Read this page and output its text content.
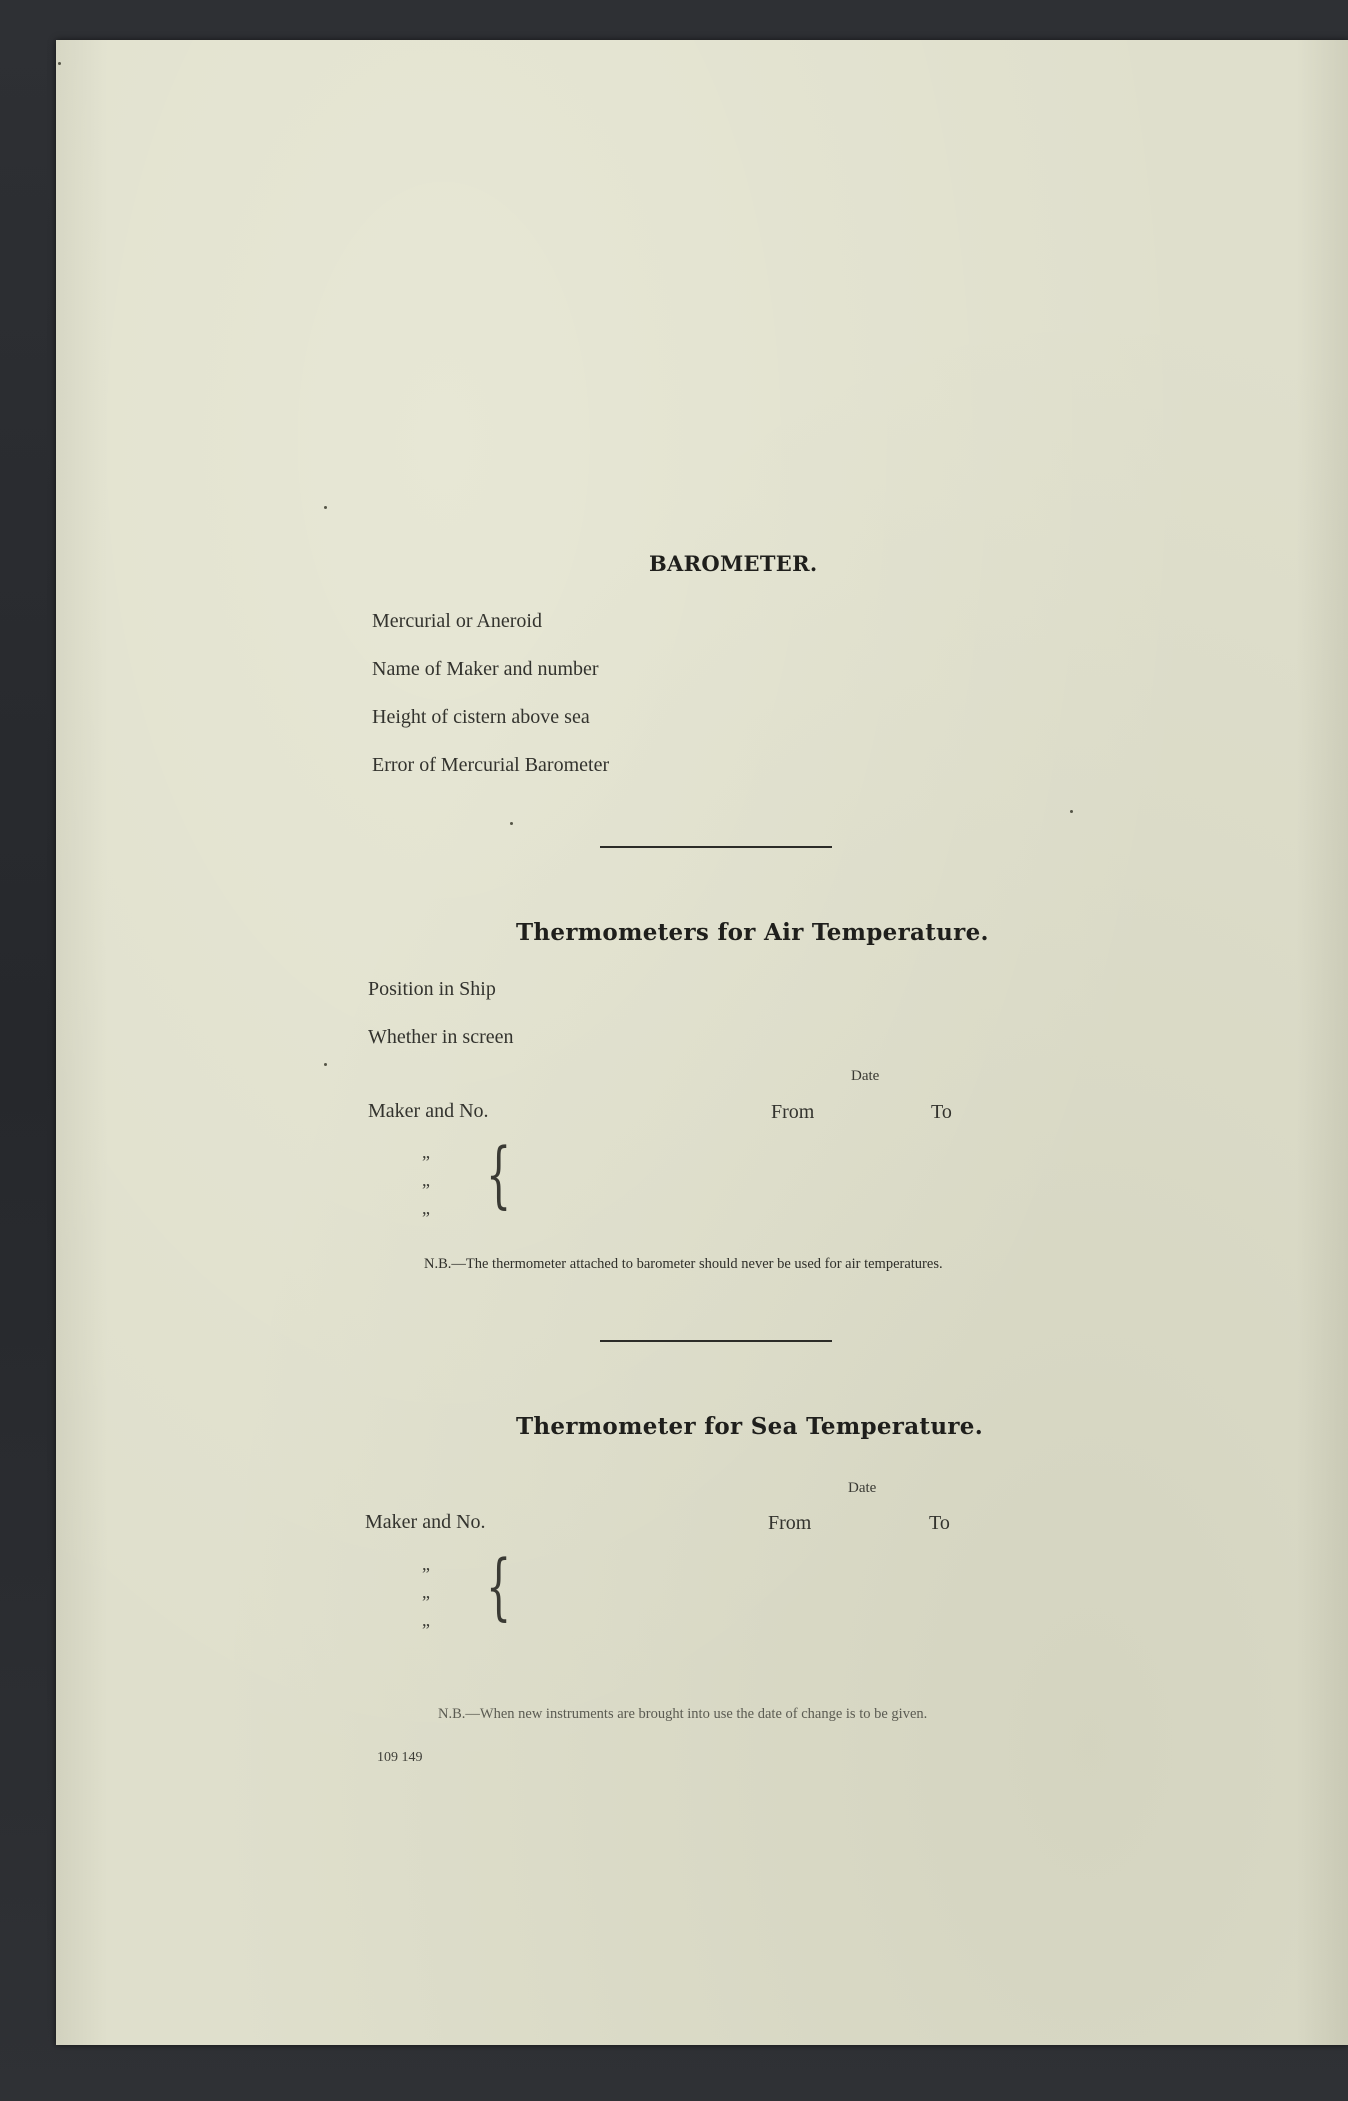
BAROMETER.
Mercurial or Aneroid
Name of Maker and number
Height of cistern above sea
Error of Mercurial Barometer
Thermometers for Air Temperature.
Position in Ship
Whether in screen
Date
Maker and No.	From	To
”
”
”
{
N.B.—The thermometer attached to barometer should never be used for air temperatures.
Thermometer for Sea Temperature.
Date
Maker and No.	From	To
”
”
”
{
N.B.—When new instruments are brought into use the date of change is to be given.
109 149
